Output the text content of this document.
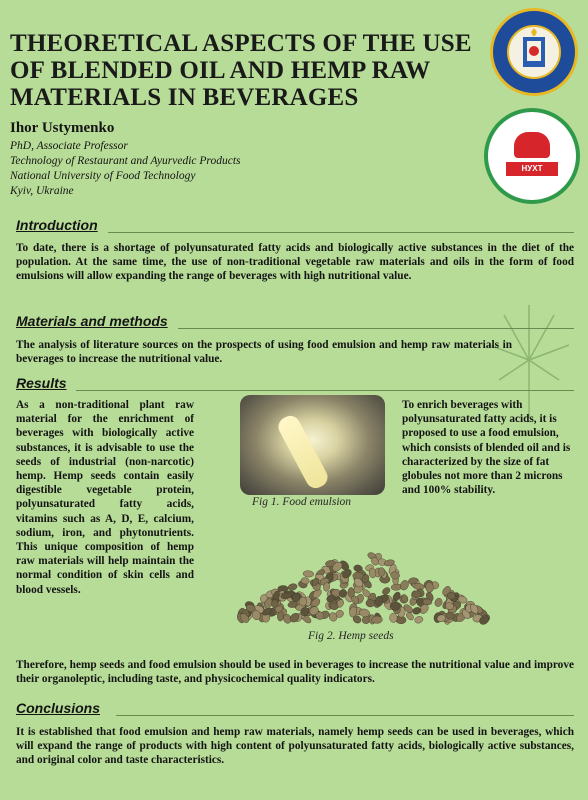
THEORETICAL ASPECTS OF THE USE OF BLENDED OIL AND HEMP RAW MATERIALS IN BEVERAGES
Ihor Ustymenko
PhD, Associate Professor
Technology of Restaurant and Ayurvedic Products
National University of Food Technology
Kyiv, Ukraine
НУХТ
Introduction
To date, there is a shortage of polyunsaturated fatty acids and biologically active substances in the diet of the population. At the same time, the use of non-traditional vegetable raw materials and oils in the form of food emulsions will allow expanding the range of beverages with high nutritional value.
Materials and methods
The analysis of literature sources on the prospects of using food emulsion and hemp raw materials in beverages to increase the nutritional value.
Results
As a non-traditional plant raw material for the enrichment of beverages with biologically active substances, it is advisable to use the seeds of industrial (non-narcotic) hemp. Hemp seeds contain easily digestible vegetable protein, polyunsaturated fatty acids, vitamins such as A, D, E, calcium, sodium, iron, and phytonutrients. This unique composition of hemp raw materials will help maintain the normal condition of skin cells and blood vessels.
Fig 1. Food emulsion
To enrich beverages with polyunsaturated fatty acids, it is proposed to use a food emulsion, which consists of blended oil and is characterized by the size of fat globules not more than 2 microns and 100% stability.
Fig 2. Hemp seeds
Therefore, hemp seeds and food emulsion should be used in beverages to increase the nutritional value and improve their organoleptic, including taste, and physicochemical quality indicators.
Conclusions
It is established that food emulsion and hemp raw materials, namely hemp seeds can be used in beverages, which will expand the range of products with high content of polyunsaturated fatty acids, biologically active substances, and original color and taste characteristics.
